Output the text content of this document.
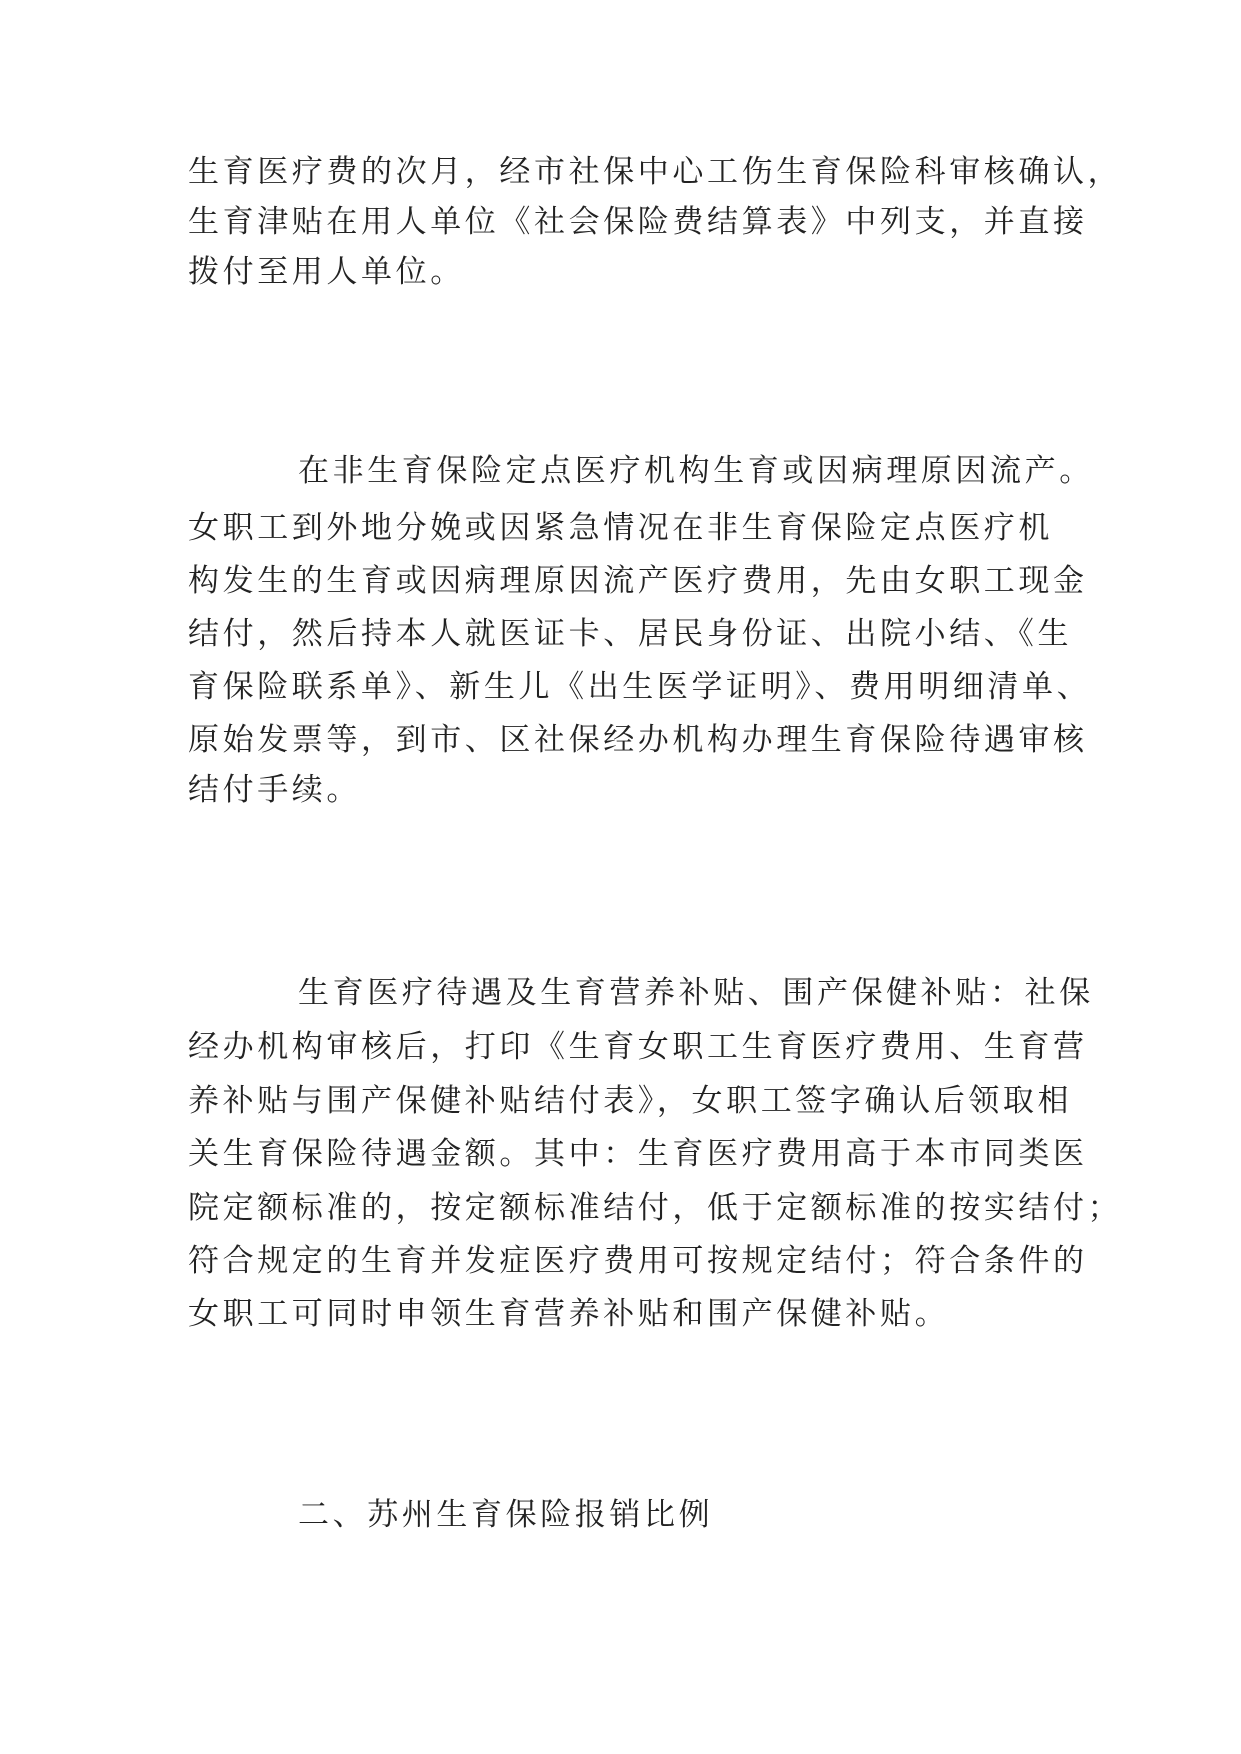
生育医疗费的次月，经市社保中心工伤生育保险科审核确认，
生育津贴在用人单位《社会保险费结算表》中列支，并直接
拨付至用人单位。
在非生育保险定点医疗机构生育或因病理原因流产。
女职工到外地分娩或因紧急情况在非生育保险定点医疗机
构发生的生育或因病理原因流产医疗费用，先由女职工现金
结付，然后持本人就医证卡、居民身份证、出院小结、《生
育保险联系单》、新生儿《出生医学证明》、费用明细清单、
原始发票等，到市、区社保经办机构办理生育保险待遇审核
结付手续。
生育医疗待遇及生育营养补贴、围产保健补贴：社保
经办机构审核后，打印《生育女职工生育医疗费用、生育营
养补贴与围产保健补贴结付表》，女职工签字确认后领取相
关生育保险待遇金额。其中：生育医疗费用高于本市同类医
院定额标准的，按定额标准结付，低于定额标准的按实结付；
符合规定的生育并发症医疗费用可按规定结付；符合条件的
女职工可同时申领生育营养补贴和围产保健补贴。
二、苏州生育保险报销比例
